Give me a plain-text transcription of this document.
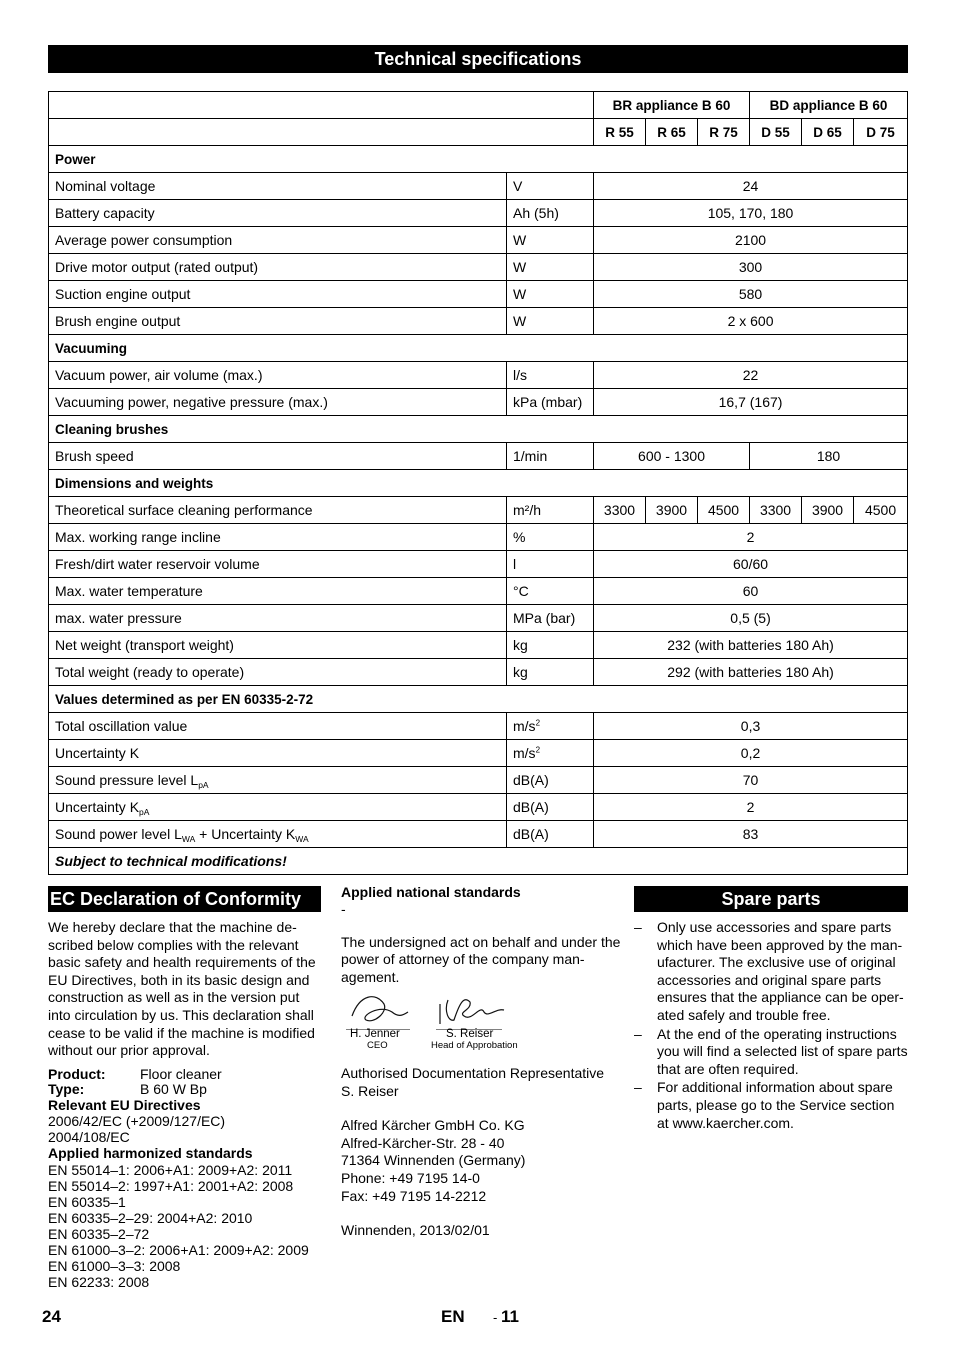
Technical specifications
		BR appliance B 60			BD appliance B 60		
		R 55	R 65	R 75	D 55	D 65	D 75
Power							
Nominal voltage	V	24					
Battery capacity	Ah (5h)	105, 170, 180					
Average power consumption	W	2100					
Drive motor output (rated output)	W	300					
Suction engine output	W	580					
Brush engine output	W	2 x 600					
Vacuuming							
Vacuum power, air volume (max.)	l/s	22					
Vacuuming power, negative pressure (max.)	kPa (mbar)	16,7 (167)					
Cleaning brushes							
Brush speed	1/min	600 - 1300			180		
Dimensions and weights							
Theoretical surface cleaning performance	m²/h	3300	3900	4500	3300	3900	4500
Max. working range incline	%	2					
Fresh/dirt water reservoir volume	l	60/60					
Max. water temperature	°C	60					
max. water pressure	MPa (bar)	0,5 (5)					
Net weight (transport weight)	kg	232 (with batteries 180 Ah)					
Total weight (ready to operate)	kg	292 (with batteries 180 Ah)					
Values determined as per EN 60335-2-72							
Total oscillation value	$m/s^2$	0,3					
Uncertainty K	$m/s^2$	0,2					
Sound pressure level $L_{pA}$	dB(A)	70					
Uncertainty $K_{pA}$	dB(A)	2					
Sound power level $L_{WA}$ + Uncertainty $K_{WA}$	dB(A)	83					
Subject to technical modifications!							
EC Declaration of Conformity

We hereby declare that the machine de-scribed below complies with the relevant basic safety and health requirements of the EU Directives, both in its basic design and construction as well as in the version put into circulation by us. This declaration shall cease to be valid if the machine is modified without our prior approval.

Product: Floor cleaner

Type:	B 60 W Bp

Relevant EU Directives

2006/42/EC (+2009/127/EC)
2004/108/EC

Applied harmonized standards

EN 55014–1: 2006+A1: 2009+A2: 2011
EN 55014–2: 1997+A1: 2001+A2: 2008
EN 60335–1
EN 60335–2–29: 2004+A2: 2010
EN 60335–2–72
EN 61000–3–2: 2006+A1: 2009+A2: 2009
EN 61000–3–3: 2008
EN 62233: 2008

Applied national standards

-

The undersigned act on behalf and under the power of attorney of the company man-agement.

H. Jenner
CEO
S. Reiser
Head of Approbation
Authorised Documentation Representative
S. Reiser
Alfred Kärcher GmbH Co. KG
Alfred-Kärcher-Str. 28 - 40
71364 Winnenden (Germany)
Phone: +49 7195 14-0
Fax: +49 7195 14-2212

Winnenden, 2013/02/01

Spare parts
– Only use accessories and spare parts which have been approved by the man-ufacturer. The exclusive use of original accessories and original spare parts ensures that the appliance can be oper-ated safely and trouble free.
– At the end of the operating instructions you will find a selected list of spare parts that are often required.
– For additional information about spare parts, please go to the Service section at www.kaercher.com.
24	EN - 11
